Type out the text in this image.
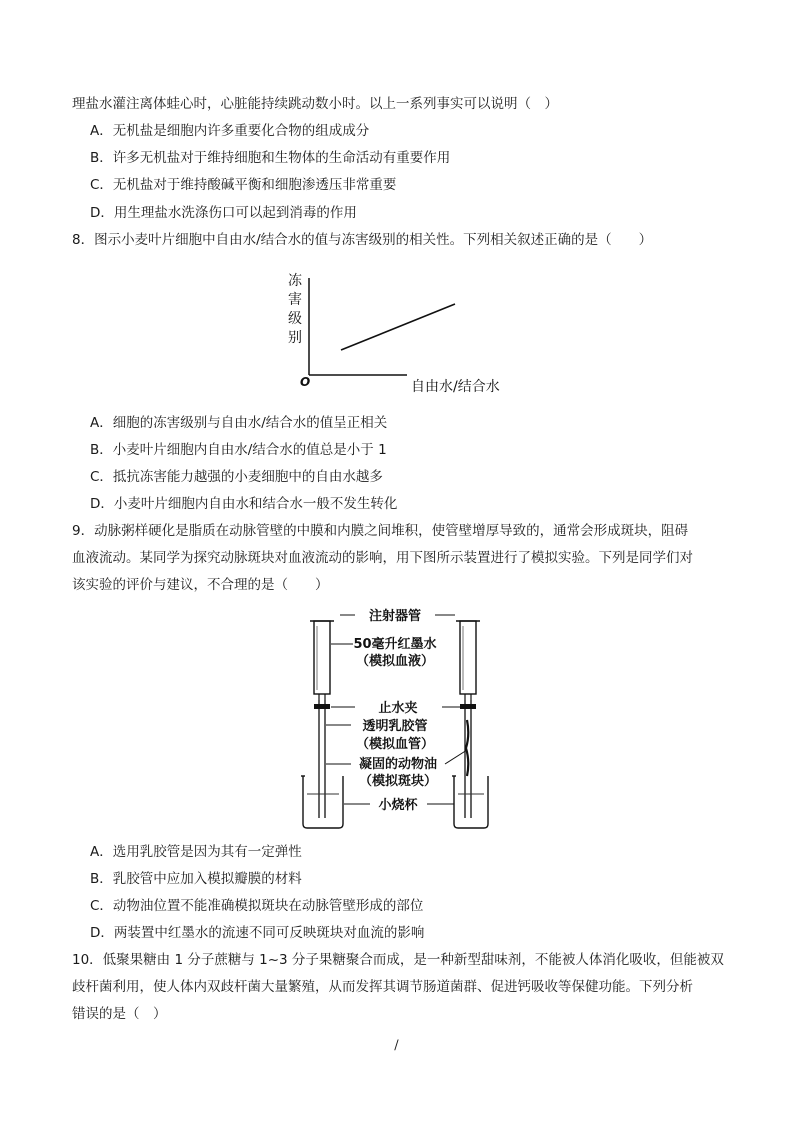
理盐水灌注离体蛙心时，心脏能持续跳动数小时。以上一系列事实可以说明（　）
A．无机盐是细胞内许多重要化合物的组成成分
B．许多无机盐对于维持细胞和生物体的生命活动有重要作用
C．无机盐对于维持酸碱平衡和细胞渗透压非常重要
D．用生理盐水洗涤伤口可以起到消毒的作用
8．图示小麦叶片细胞中自由水/结合水的值与冻害级别的相关性。下列相关叙述正确的是（　　）
冻
害
级
别
O	自由水/结合水
A．细胞的冻害级别与自由水/结合水的值呈正相关
B．小麦叶片细胞内自由水/结合水的值总是小于 1
C．抵抗冻害能力越强的小麦细胞中的自由水越多
D．小麦叶片细胞内自由水和结合水一般不发生转化
9．动脉粥样硬化是脂质在动脉管壁的中膜和内膜之间堆积，使管壁增厚导致的，通常会形成斑块，阻碍
血液流动。某同学为探究动脉斑块对血液流动的影响，用下图所示装置进行了模拟实验。下列是同学们对
该实验的评价与建议，不合理的是（　　）
注射器管
50毫升红墨水
（模拟血液）
止水夹
透明乳胶管
（模拟血管）
凝固的动物油
（模拟斑块）
小烧杯
A．选用乳胶管是因为其有一定弹性
B．乳胶管中应加入模拟瓣膜的材料
C．动物油位置不能准确模拟斑块在动脉管壁形成的部位
D．两装置中红墨水的流速不同可反映斑块对血流的影响
10．低聚果糖由 1 分子蔗糖与 1~3 分子果糖聚合而成，是一种新型甜味剂，不能被人体消化吸收，但能被双
歧杆菌利用，使人体内双歧杆菌大量繁殖，从而发挥其调节肠道菌群、促进钙吸收等保健功能。下列分析
错误的是（　）
/
